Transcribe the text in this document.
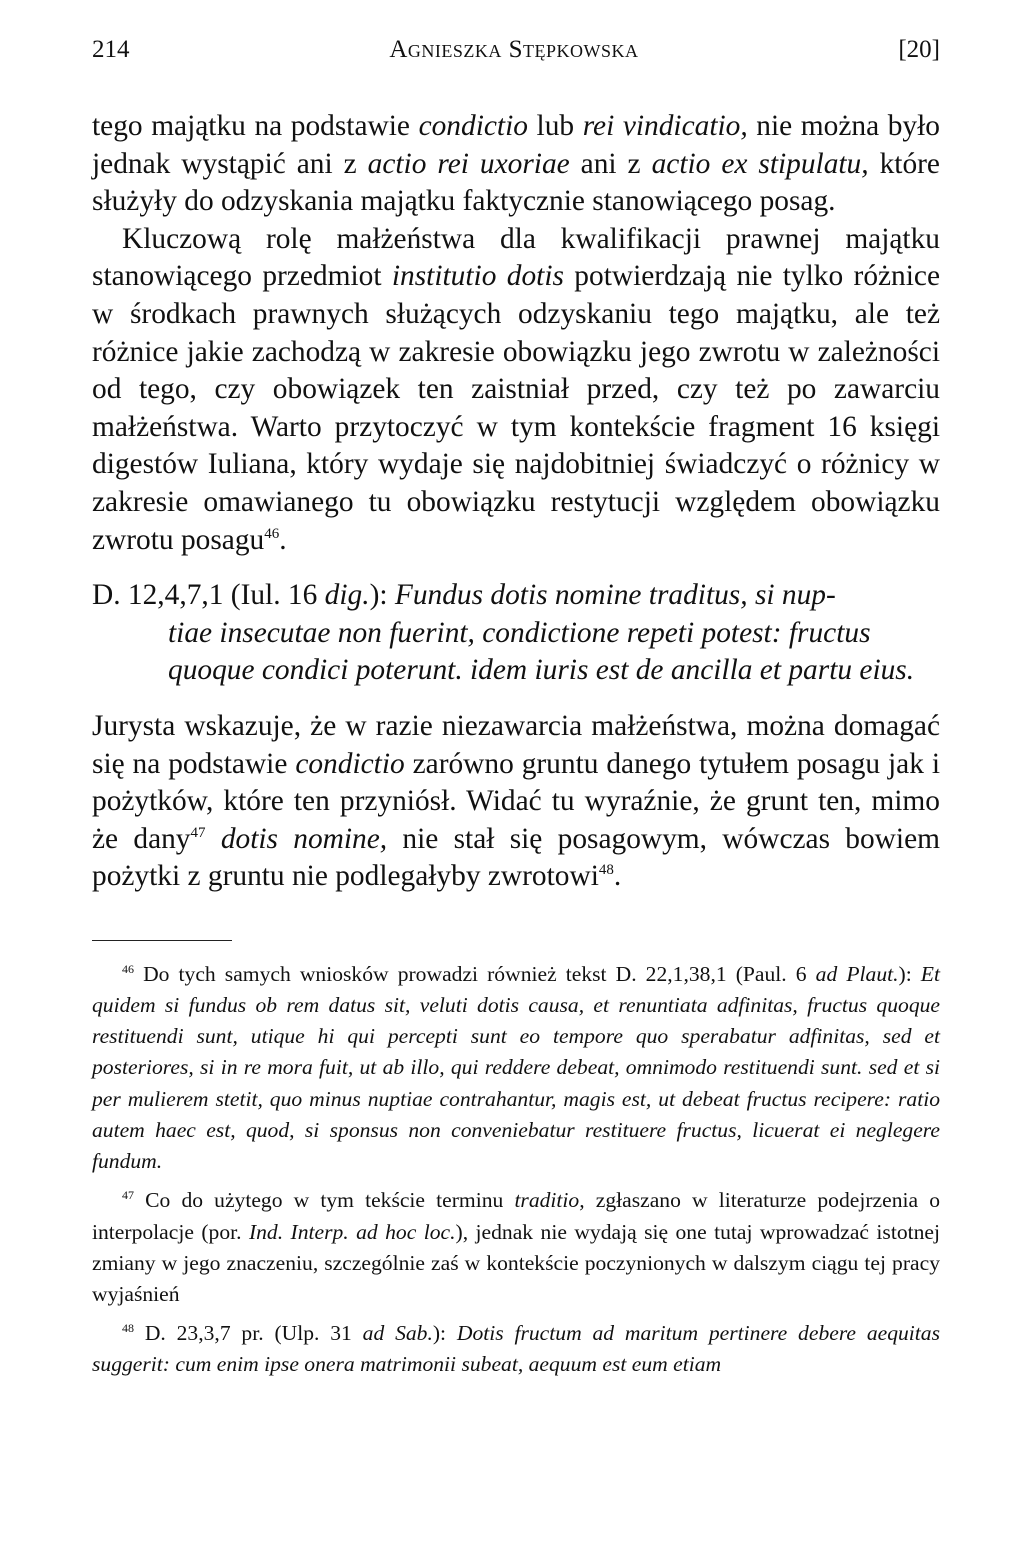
214	Agnieszka Stępkowska	[20]

tego majątku na podstawie condictio lub rei vindicatio, nie można było jednak wystąpić ani z actio rei uxoriae ani z actio ex stipulatu, które służyły do odzyskania majątku faktycznie stanowiącego posag.

Kluczową rolę małżeństwa dla kwalifikacji prawnej majątku stanowiącego przedmiot institutio dotis potwierdzają nie tylko różnice w środkach prawnych służących odzyskaniu tego majątku, ale też różnice jakie zachodzą w zakresie obowiązku jego zwrotu w zależności od tego, czy obowiązek ten zaistniał przed, czy też po zawarciu małżeństwa. Warto przytoczyć w tym kontekście fragment 16 księgi digestów Iuliana, który wydaje się najdobitniej świadczyć o różnicy w zakresie omawianego tu obowiązku restytucji względem obowiązku zwrotu posagu$^{46}$.

D. 12,4,7,1 (Iul. 16 dig.): Fundus dotis nomine traditus, si nup-
tiae insecutae non fuerint, condictione repeti potest: fructus quoque condici poterunt. idem iuris est de ancilla et partu eius.

Jurysta wskazuje, że w razie niezawarcia małżeństwa, można domagać się na podstawie condictio zarówno gruntu danego tytułem posagu jak i pożytków, które ten przyniósł. Widać tu wyraźnie, że grunt ten, mimo że dany$^{47}$ dotis nomine, nie stał się posagowym, wówczas bowiem pożytki z gruntu nie podlegałyby zwrotowi$^{48}$.

$^{46}$ Do tych samych wniosków prowadzi również tekst D. 22,1,38,1 (Paul. 6 ad Plaut.): Et quidem si fundus ob rem datus sit, veluti dotis causa, et renuntiata adfinitas, fructus quoque restituendi sunt, utique hi qui percepti sunt eo tempore quo sperabatur adfinitas, sed et posteriores, si in re mora fuit, ut ab illo, qui reddere debeat, omnimodo restituendi sunt. sed et si per mulierem stetit, quo minus nuptiae contrahantur, magis est, ut debeat fructus recipere: ratio autem haec est, quod, si sponsus non conveniebatur restituere fructus, licuerat ei neglegere fundum.

$^{47}$ Co do użytego w tym tekście terminu traditio, zgłaszano w literaturze podejrzenia o interpolacje (por. Ind. Interp. ad hoc loc.), jednak nie wydają się one tutaj wprowadzać istotnej zmiany w jego znaczeniu, szczególnie zaś w kontekście poczynionych w dalszym ciągu tej pracy wyjaśnień

$^{48}$ D. 23,3,7 pr. (Ulp. 31 ad Sab.): Dotis fructum ad maritum pertinere debere aequitas suggerit: cum enim ipse onera matrimonii subeat, aequum est eum etiam
